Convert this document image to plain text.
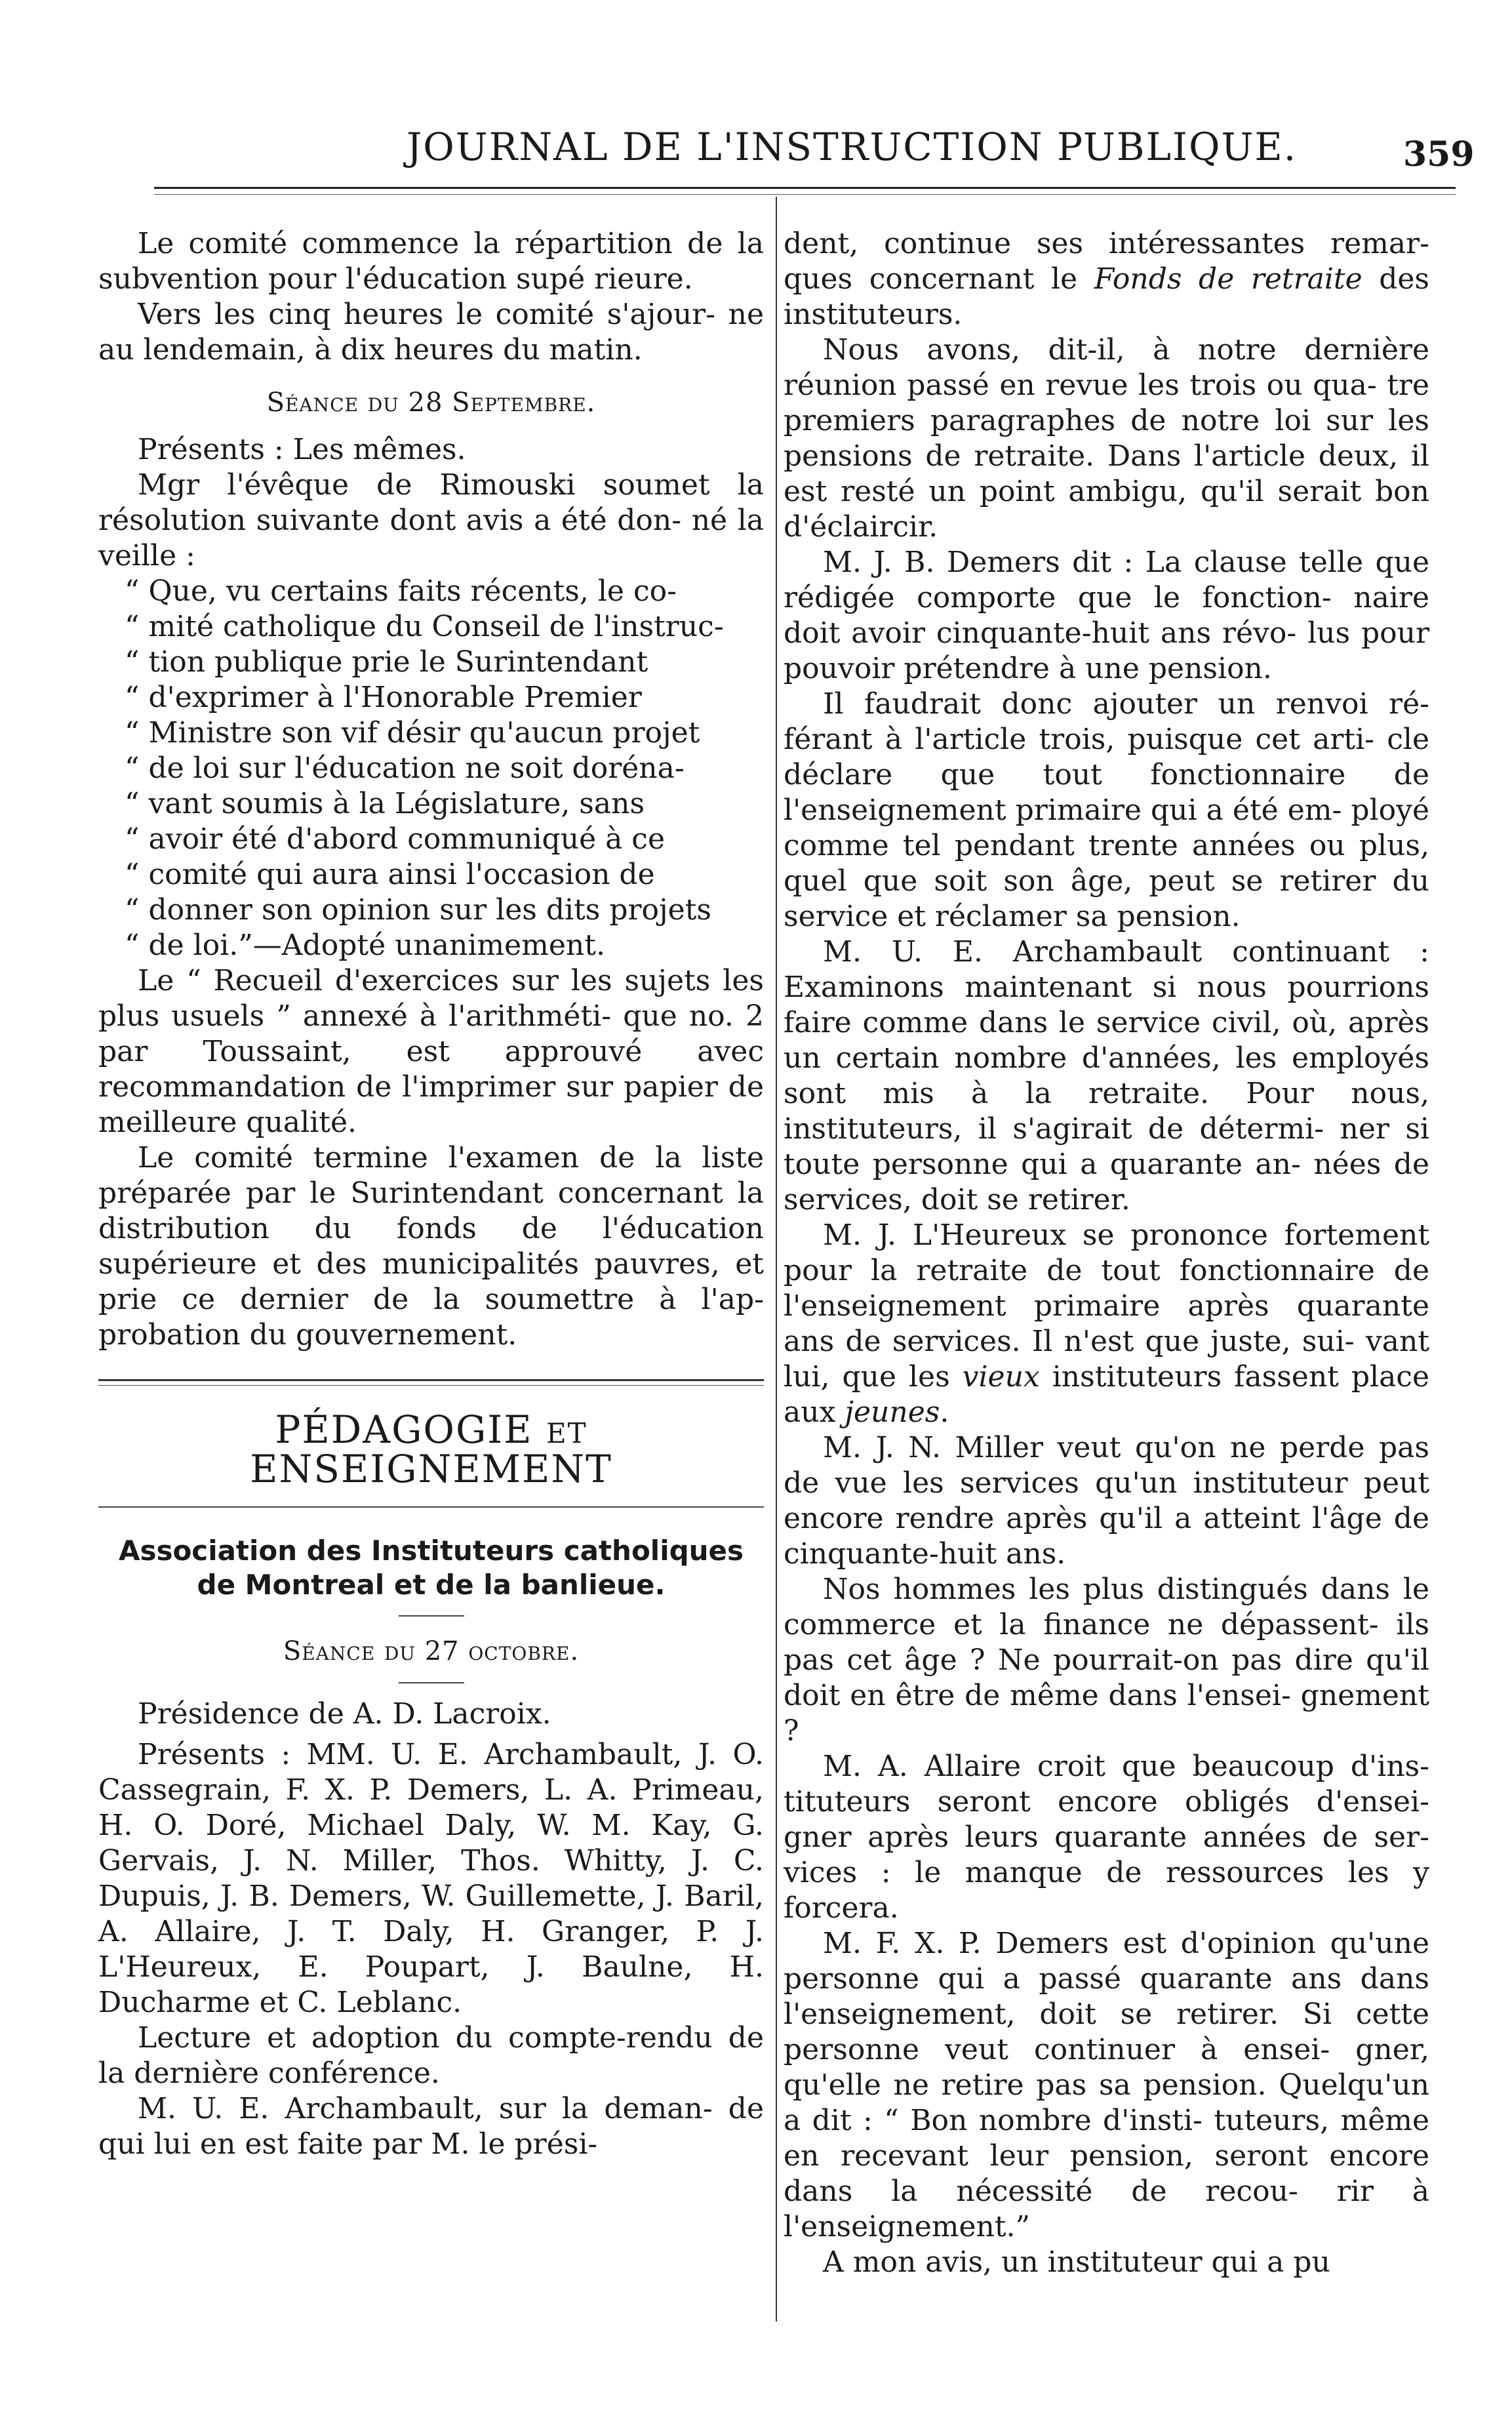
JOURNAL DE L'INSTRUCTION PUBLIQUE.	359

Le comité commence la répartition de la subvention pour l'éducation supé rieure.

Vers les cinq heures le comité s'ajour- ne au lendemain, à dix heures du matin.

Séance du 28 Septembre.

Présents : Les mêmes.

Mgr l'évêque de Rimouski soumet la résolution suivante dont avis a été don- né la veille :

“ Que, vu certains faits récents, le co-

“ mité catholique du Conseil de l'instruc-

“ tion publique prie le Surintendant

“ d'exprimer à l'Honorable Premier

“ Ministre son vif désir qu'aucun projet

“ de loi sur l'éducation ne soit doréna-

“ vant soumis à la Législature, sans

“ avoir été d'abord communiqué à ce

“ comité qui aura ainsi l'occasion de

“ donner son opinion sur les dits projets

“ de loi.”—Adopté unanimement.

Le “ Recueil d'exercices sur les sujets les plus usuels ” annexé à l'arithméti- que no. 2 par Toussaint, est approuvé avec recommandation de l'imprimer sur papier de meilleure qualité.

Le comité termine l'examen de la liste préparée par le Surintendant concernant la distribution du fonds de l'éducation supérieure et des municipalités pauvres, et prie ce dernier de la soumettre à l'ap- probation du gouvernement.

PÉDAGOGIE ET ENSEIGNEMENT

Association des Instituteurs catholiques

de Montreal et de la banlieue.

Séance du 27 octobre.

Présidence de A. D. Lacroix.

Présents : MM. U. E. Archambault, J. O. Cassegrain, F. X. P. Demers, L. A. Primeau, H. O. Doré, Michael Daly, W. M. Kay, G. Gervais, J. N. Miller, Thos. Whitty, J. C. Dupuis, J. B. Demers, W. Guillemette, J. Baril, A. Allaire, J. T. Daly, H. Granger, P. J. L'Heureux, E. Poupart, J. Baulne, H. Ducharme et C. Leblanc.

Lecture et adoption du compte-rendu de la dernière conférence.

M. U. E. Archambault, sur la deman- de qui lui en est faite par M. le prési-

dent, continue ses intéressantes remar- ques concernant le Fonds de retraite des instituteurs.

Nous avons, dit-il, à notre dernière réunion passé en revue les trois ou qua- tre premiers paragraphes de notre loi sur les pensions de retraite. Dans l'article deux, il est resté un point ambigu, qu'il serait bon d'éclaircir.

M. J. B. Demers dit : La clause telle que rédigée comporte que le fonction- naire doit avoir cinquante-huit ans révo- lus pour pouvoir prétendre à une pension.

Il faudrait donc ajouter un renvoi ré- férant à l'article trois, puisque cet arti- cle déclare que tout fonctionnaire de l'enseignement primaire qui a été em- ployé comme tel pendant trente années ou plus, quel que soit son âge, peut se retirer du service et réclamer sa pension.

M. U. E. Archambault continuant : Examinons maintenant si nous pourrions faire comme dans le service civil, où, après un certain nombre d'années, les employés sont mis à la retraite. Pour nous, instituteurs, il s'agirait de détermi- ner si toute personne qui a quarante an- nées de services, doit se retirer.

M. J. L'Heureux se prononce fortement pour la retraite de tout fonctionnaire de l'enseignement primaire après quarante ans de services. Il n'est que juste, sui- vant lui, que les vieux instituteurs fassent place aux jeunes.

M. J. N. Miller veut qu'on ne perde pas de vue les services qu'un instituteur peut encore rendre après qu'il a atteint l'âge de cinquante-huit ans.

Nos hommes les plus distingués dans le commerce et la finance ne dépassent- ils pas cet âge ? Ne pourrait-on pas dire qu'il doit en être de même dans l'ensei- gnement ?

M. A. Allaire croit que beaucoup d'ins- tituteurs seront encore obligés d'ensei- gner après leurs quarante années de ser- vices : le manque de ressources les y forcera.

M. F. X. P. Demers est d'opinion qu'une personne qui a passé quarante ans dans l'enseignement, doit se retirer. Si cette personne veut continuer à ensei- gner, qu'elle ne retire pas sa pension. Quelqu'un a dit : “ Bon nombre d'insti- tuteurs, même en recevant leur pension, seront encore dans la nécessité de recou- rir à l'enseignement.”

A mon avis, un instituteur qui a pu
